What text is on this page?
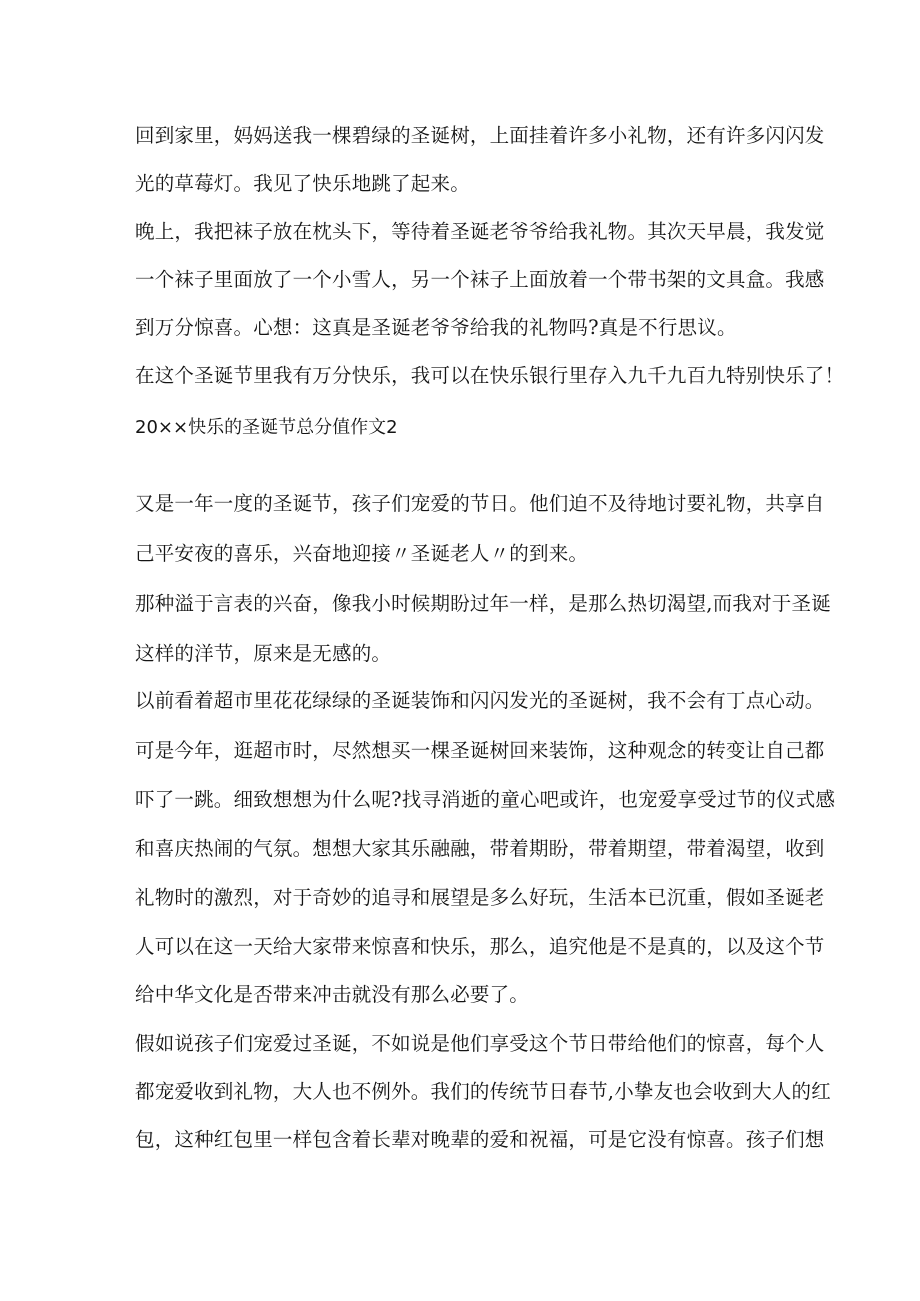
回到家里，妈妈送我一棵碧绿的圣诞树，上面挂着许多小礼物，还有许多闪闪发

光的草莓灯。我见了快乐地跳了起来。

晚上，我把袜子放在枕头下，等待着圣诞老爷爷给我礼物。其次天早晨，我发觉

一个袜子里面放了一个小雪人，另一个袜子上面放着一个带书架的文具盒。我感

到万分惊喜。心想：这真是圣诞老爷爷给我的礼物吗?真是不行思议。

在这个圣诞节里我有万分快乐，我可以在快乐银行里存入九千九百九特别快乐了！

20××快乐的圣诞节总分值作文2

又是一年一度的圣诞节，孩子们宠爱的节日。他们迫不及待地讨要礼物，共享自

己平安夜的喜乐，兴奋地迎接〃圣诞老人〃的到来。

那种溢于言表的兴奋，像我小时候期盼过年一样，是那么热切渴望,而我对于圣诞

这样的洋节，原来是无感的。

以前看着超市里花花绿绿的圣诞装饰和闪闪发光的圣诞树，我不会有丁点心动。

可是今年，逛超市时，尽然想买一棵圣诞树回来装饰，这种观念的转变让自己都

吓了一跳。细致想想为什么呢?找寻消逝的童心吧或许，也宠爱享受过节的仪式感

和喜庆热闹的气氛。想想大家其乐融融，带着期盼，带着期望，带着渴望，收到

礼物时的激烈，对于奇妙的追寻和展望是多么好玩，生活本已沉重，假如圣诞老

人可以在这一天给大家带来惊喜和快乐，那么，追究他是不是真的，以及这个节

给中华文化是否带来冲击就没有那么必要了。

假如说孩子们宠爱过圣诞，不如说是他们享受这个节日带给他们的惊喜，每个人

都宠爱收到礼物，大人也不例外。我们的传统节日春节,小挚友也会收到大人的红

包，这种红包里一样包含着长辈对晚辈的爱和祝福，可是它没有惊喜。孩子们想
